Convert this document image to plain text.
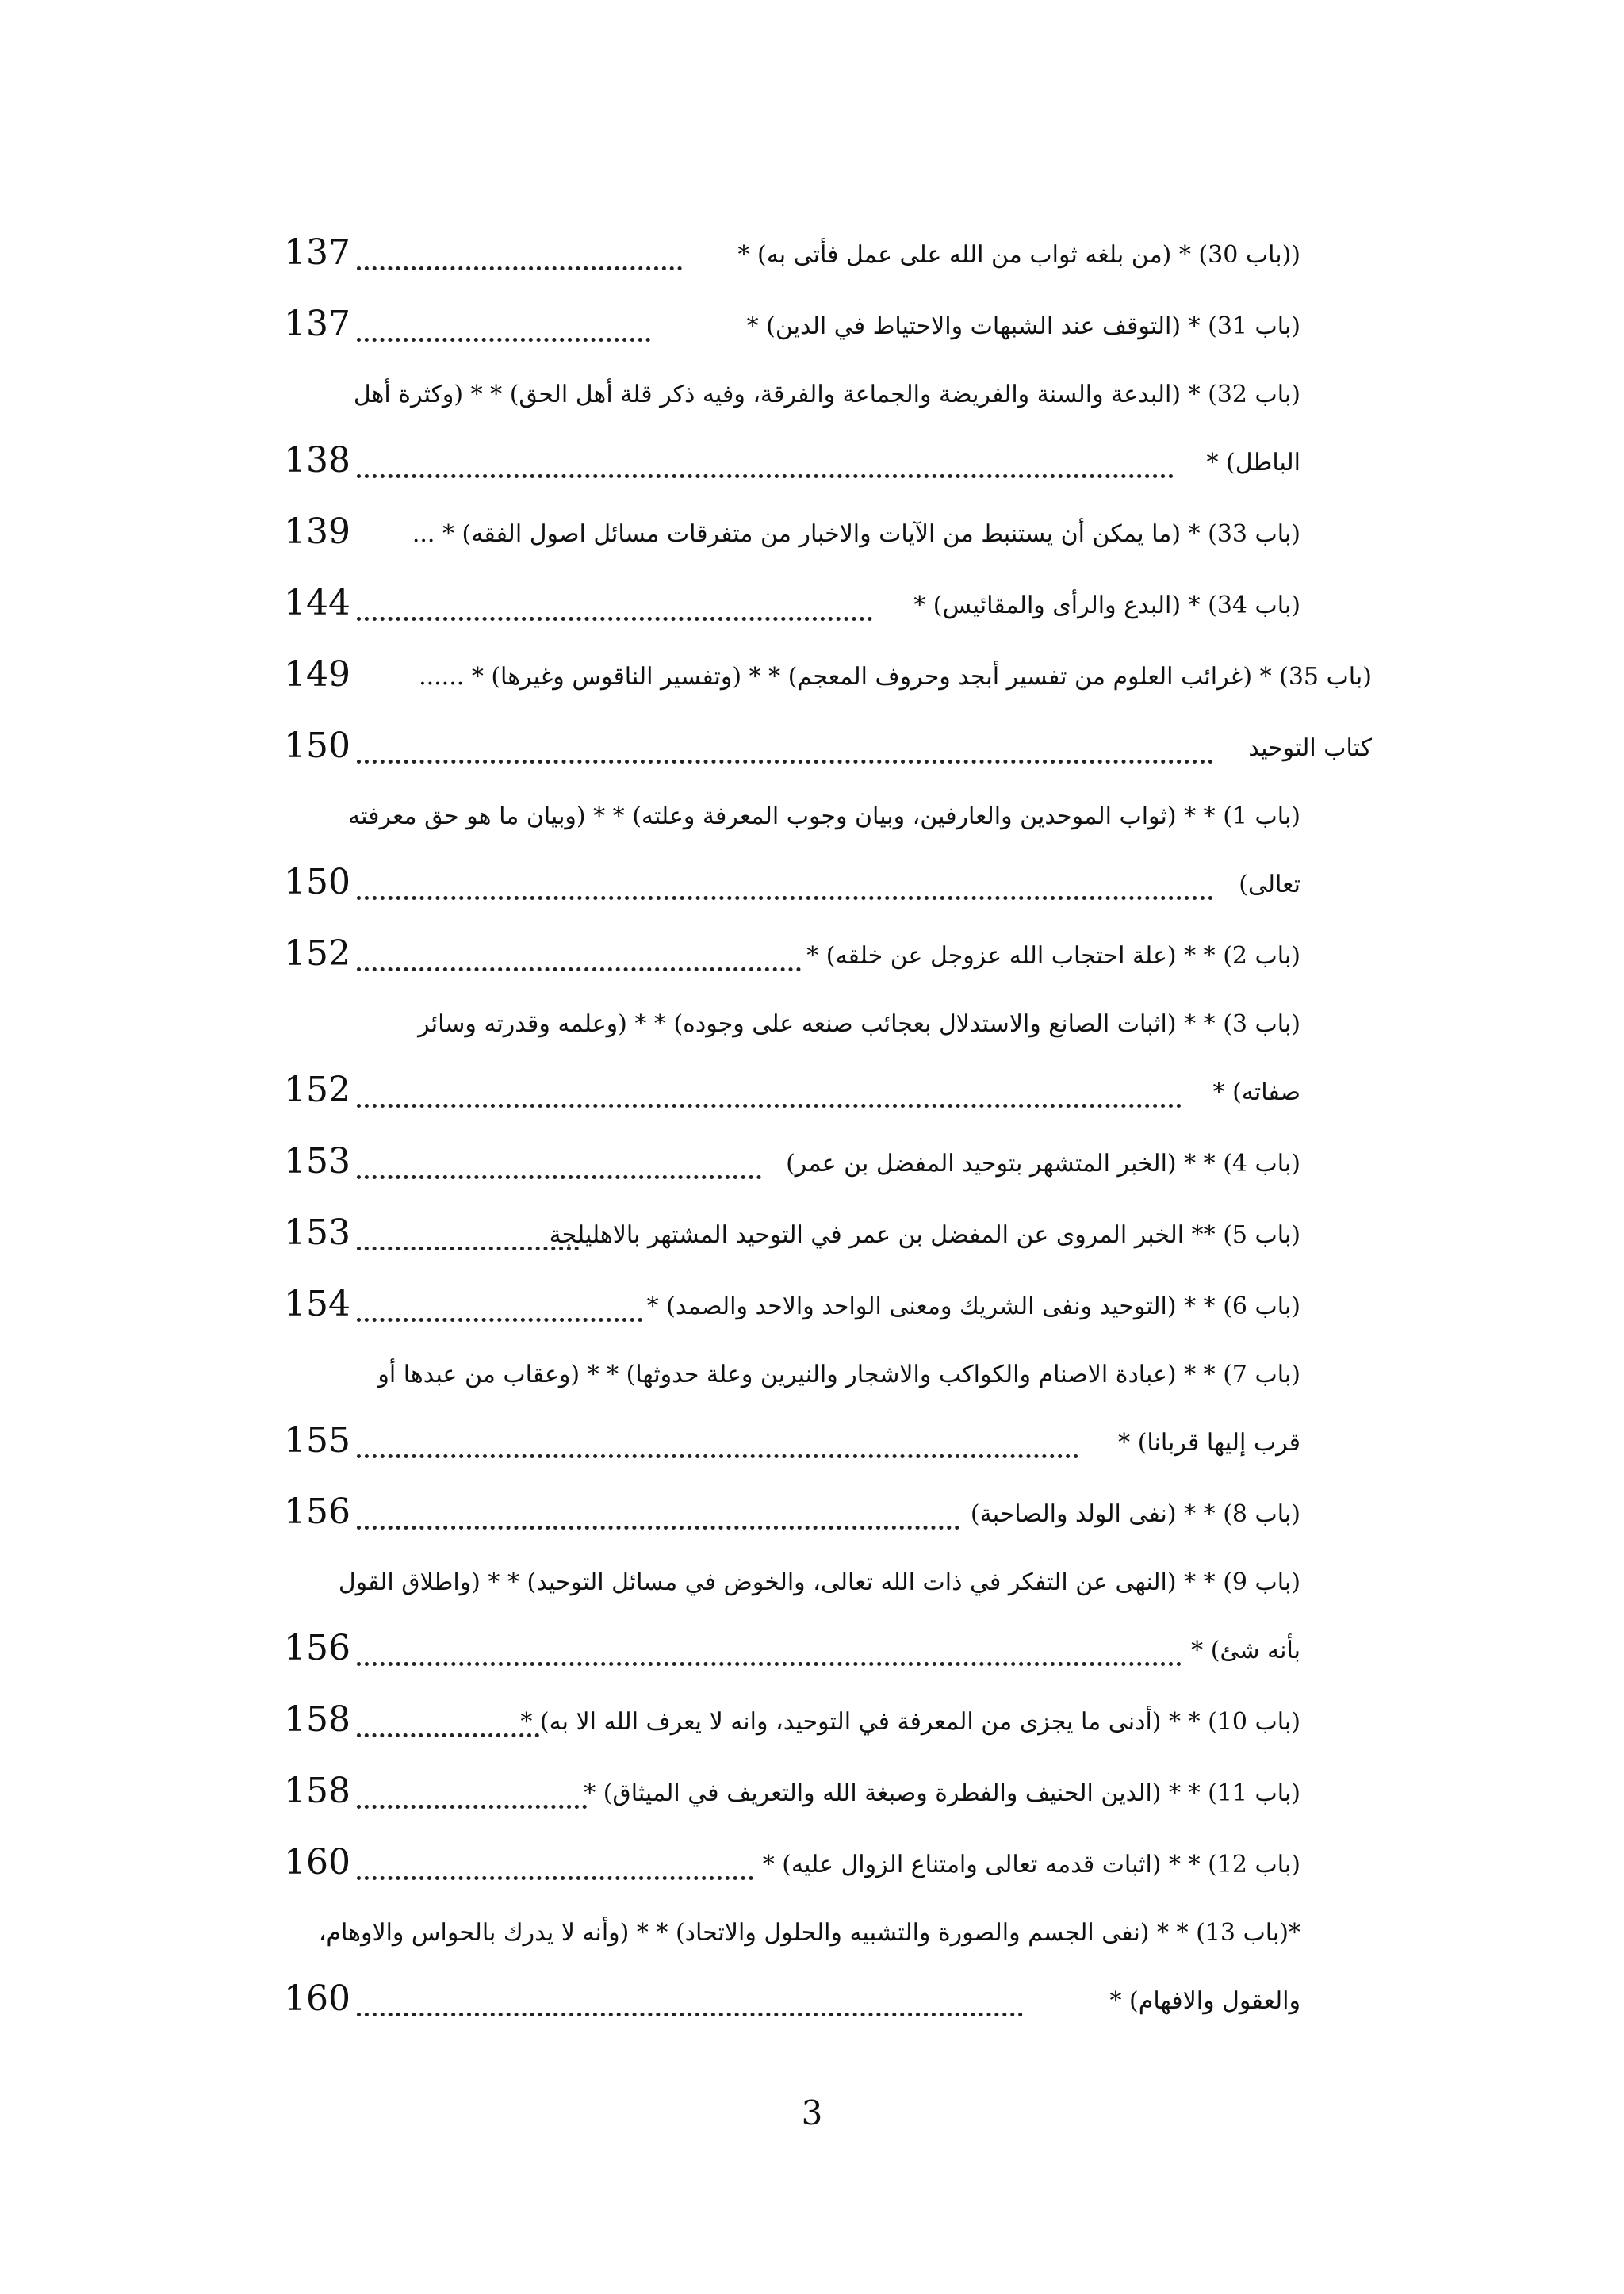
((باب 30) * (من بلغه ثواب من الله على عمل فأتى به) *
137
(باب 31) * (التوقف عند الشبهات والاحتياط في الدين) *
137
(باب 32) * (البدعة والسنة والفريضة والجماعة والفرقة، وفيه ذكر قلة أهل الحق) * * (وكثرة أهل
الباطل) *
138
(باب 33) * (ما يمكن أن يستنبط من الآيات والاخبار من متفرقات مسائل اصول الفقه) * ...
139
(باب 34) * (البدع والرأى والمقائيس) *
144
(باب 35) * (غرائب العلوم من تفسير أبجد وحروف المعجم) * * (وتفسير الناقوس وغيرها) * ......
149
كتاب التوحيد
150
(باب 1) * * (ثواب الموحدين والعارفين، وبيان وجوب المعرفة وعلته) * * (وبيان ما هو حق معرفته
تعالى)
150
(باب 2) * * (علة احتجاب الله عزوجل عن خلقه) *
152
(باب 3) * * (اثبات الصانع والاستدلال بعجائب صنعه على وجوده) * * (وعلمه وقدرته وسائر
صفاته) *
152
(باب 4) * * (الخبر المتشهر بتوحيد المفضل بن عمر)
153
(باب 5) ** الخبر المروى عن المفضل بن عمر في التوحيد المشتهر بالاهليلجة
153
(باب 6) * * (التوحيد ونفى الشريك ومعنى الواحد والاحد والصمد) *
154
(باب 7) * * (عبادة الاصنام والكواكب والاشجار والنيرين وعلة حدوثها) * * (وعقاب من عبدها أو
قرب إليها قربانا) *
155
(باب 8) * * (نفى الولد والصاحبة)
156
(باب 9) * * (النهى عن التفكر في ذات الله تعالى، والخوض في مسائل التوحيد) * * (واطلاق القول
بأنه شئ) *
156
(باب 10) * * (أدنى ما يجزى من المعرفة في التوحيد، وانه لا يعرف الله الا به) *
158
(باب 11) * * (الدين الحنيف والفطرة وصبغة الله والتعريف في الميثاق) *
158
(باب 12) * * (اثبات قدمه تعالى وامتناع الزوال عليه) *
160
*(باب 13) * * (نفى الجسم والصورة والتشبيه والحلول والاتحاد) * * (وأنه لا يدرك بالحواس والاوهام،
والعقول والافهام) *
160
3
